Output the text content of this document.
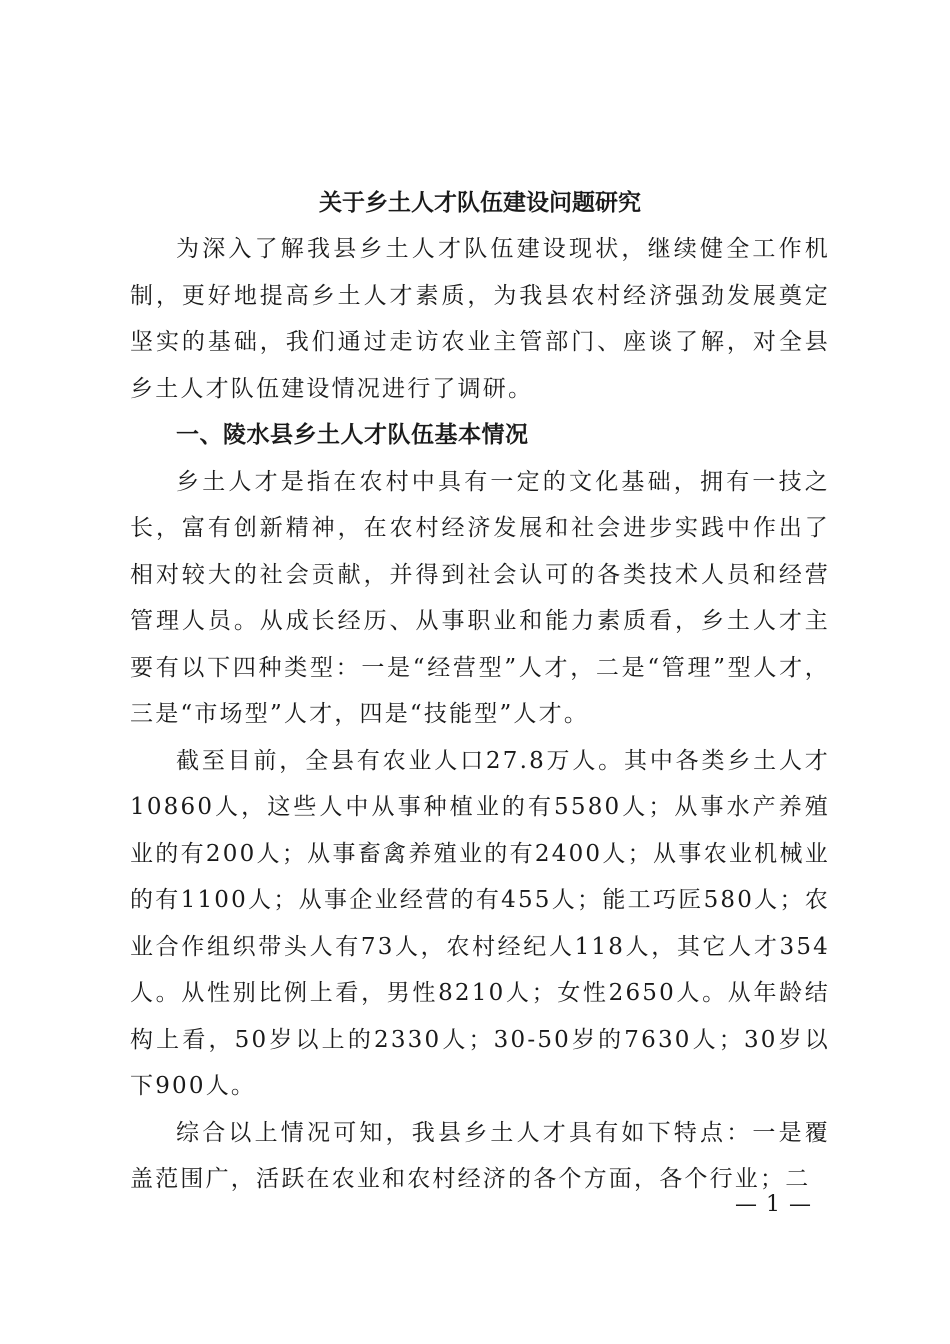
关于乡土人才队伍建设问题研究

为深入了解我县乡土人才队伍建设现状，继续健全工作机制，更好地提高乡土人才素质，为我县农村经济强劲发展奠定坚实的基础，我们通过走访农业主管部门、座谈了解，对全县乡土人才队伍建设情况进行了调研。

一、陵水县乡土人才队伍基本情况

乡土人才是指在农村中具有一定的文化基础，拥有一技之长，富有创新精神，在农村经济发展和社会进步实践中作出了相对较大的社会贡献，并得到社会认可的各类技术人员和经营管理人员。从成长经历、从事职业和能力素质看，乡土人才主要有以下四种类型：一是“经营型”人才，二是“管理”型人才，三是“市场型”人才，四是“技能型”人才。

截至目前，全县有农业人口27.8万人。其中各类乡土人才10860人，这些人中从事种植业的有5580人；从事水产养殖业的有200人；从事畜禽养殖业的有2400人；从事农业机械业的有1100人；从事企业经营的有455人；能工巧匠580人；农业合作组织带头人有73人，农村经纪人118人，其它人才354人。从性别比例上看，男性8210人；女性2650人。从年龄结构上看，50岁以上的2330人；30-50岁的7630人；30岁以下900人。

综合以上情况可知，我县乡土人才具有如下特点：一是覆盖范围广，活跃在农业和农村经济的各个方面，各个行业；二

— 1 —
